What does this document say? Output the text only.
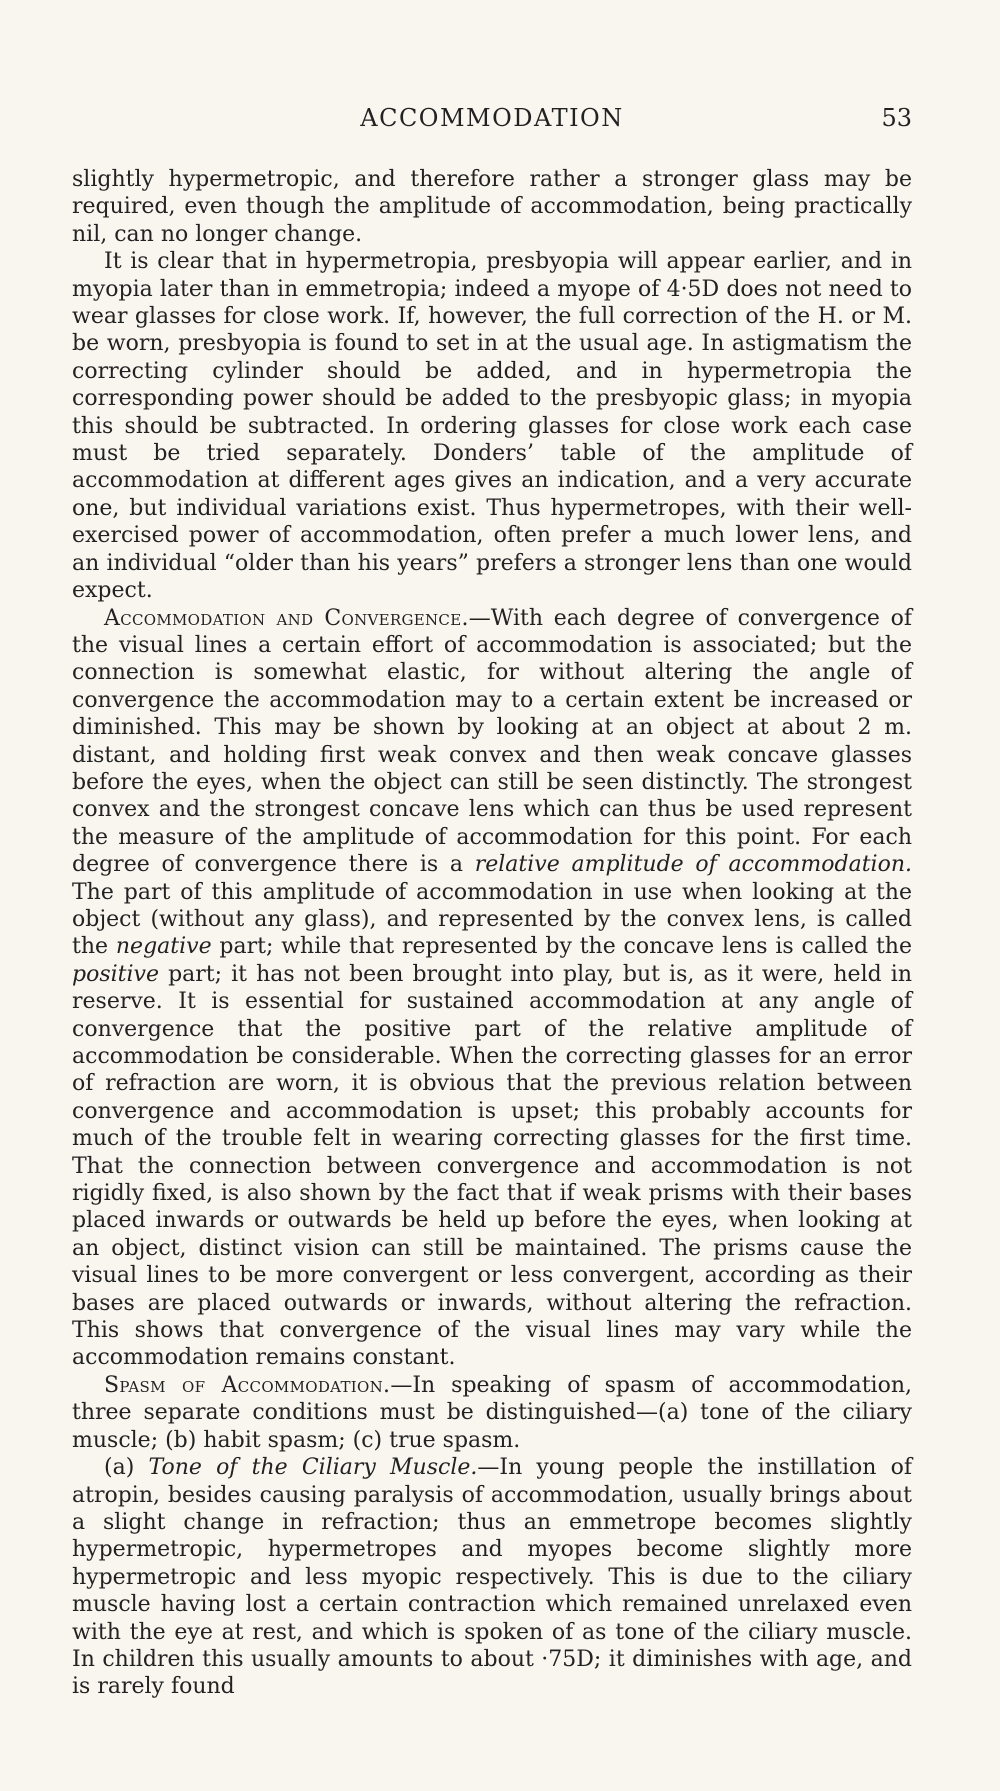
ACCOMMODATION	53

slightly hypermetropic, and therefore rather a stronger glass may be required, even though the amplitude of accommodation, being practically nil, can no longer change.

It is clear that in hypermetropia, presbyopia will appear earlier, and in myopia later than in emmetropia; indeed a myope of 4·5D does not need to wear glasses for close work. If, however, the full correction of the H. or M. be worn, presbyopia is found to set in at the usual age. In astigmatism the correcting cylinder should be added, and in hypermetropia the corresponding power should be added to the presbyopic glass; in myopia this should be subtracted. In ordering glasses for close work each case must be tried separately. Donders’ table of the amplitude of accommodation at different ages gives an indication, and a very accurate one, but individual variations exist. Thus hypermetropes, with their well-exercised power of accommodation, often prefer a much lower lens, and an individual “older than his years” prefers a stronger lens than one would expect.

Accommodation and Convergence.—With each degree of convergence of the visual lines a certain effort of accommodation is associated; but the connection is somewhat elastic, for without altering the angle of convergence the accommodation may to a certain extent be increased or diminished. This may be shown by looking at an object at about 2 m. distant, and holding first weak convex and then weak concave glasses before the eyes, when the object can still be seen distinctly. The strongest convex and the strongest concave lens which can thus be used represent the measure of the amplitude of accommodation for this point. For each degree of convergence there is a relative amplitude of accommodation. The part of this amplitude of accommodation in use when looking at the object (without any glass), and represented by the convex lens, is called the negative part; while that represented by the concave lens is called the positive part; it has not been brought into play, but is, as it were, held in reserve. It is essential for sustained accommodation at any angle of convergence that the positive part of the relative amplitude of accommodation be considerable. When the correcting glasses for an error of refraction are worn, it is obvious that the previous relation between convergence and accommodation is upset; this probably accounts for much of the trouble felt in wearing correcting glasses for the first time. That the connection between convergence and accommodation is not rigidly fixed, is also shown by the fact that if weak prisms with their bases placed inwards or outwards be held up before the eyes, when looking at an object, distinct vision can still be maintained. The prisms cause the visual lines to be more convergent or less convergent, according as their bases are placed outwards or inwards, without altering the refraction. This shows that convergence of the visual lines may vary while the accommodation remains constant.

Spasm of Accommodation.—In speaking of spasm of accommodation, three separate conditions must be distinguished—(a) tone of the ciliary muscle; (b) habit spasm; (c) true spasm.

(a) Tone of the Ciliary Muscle.—In young people the instillation of atropin, besides causing paralysis of accommodation, usually brings about a slight change in refraction; thus an emmetrope becomes slightly hypermetropic, hypermetropes and myopes become slightly more hypermetropic and less myopic respectively. This is due to the ciliary muscle having lost a certain contraction which remained unrelaxed even with the eye at rest, and which is spoken of as tone of the ciliary muscle. In children this usually amounts to about ·75D; it diminishes with age, and is rarely found
